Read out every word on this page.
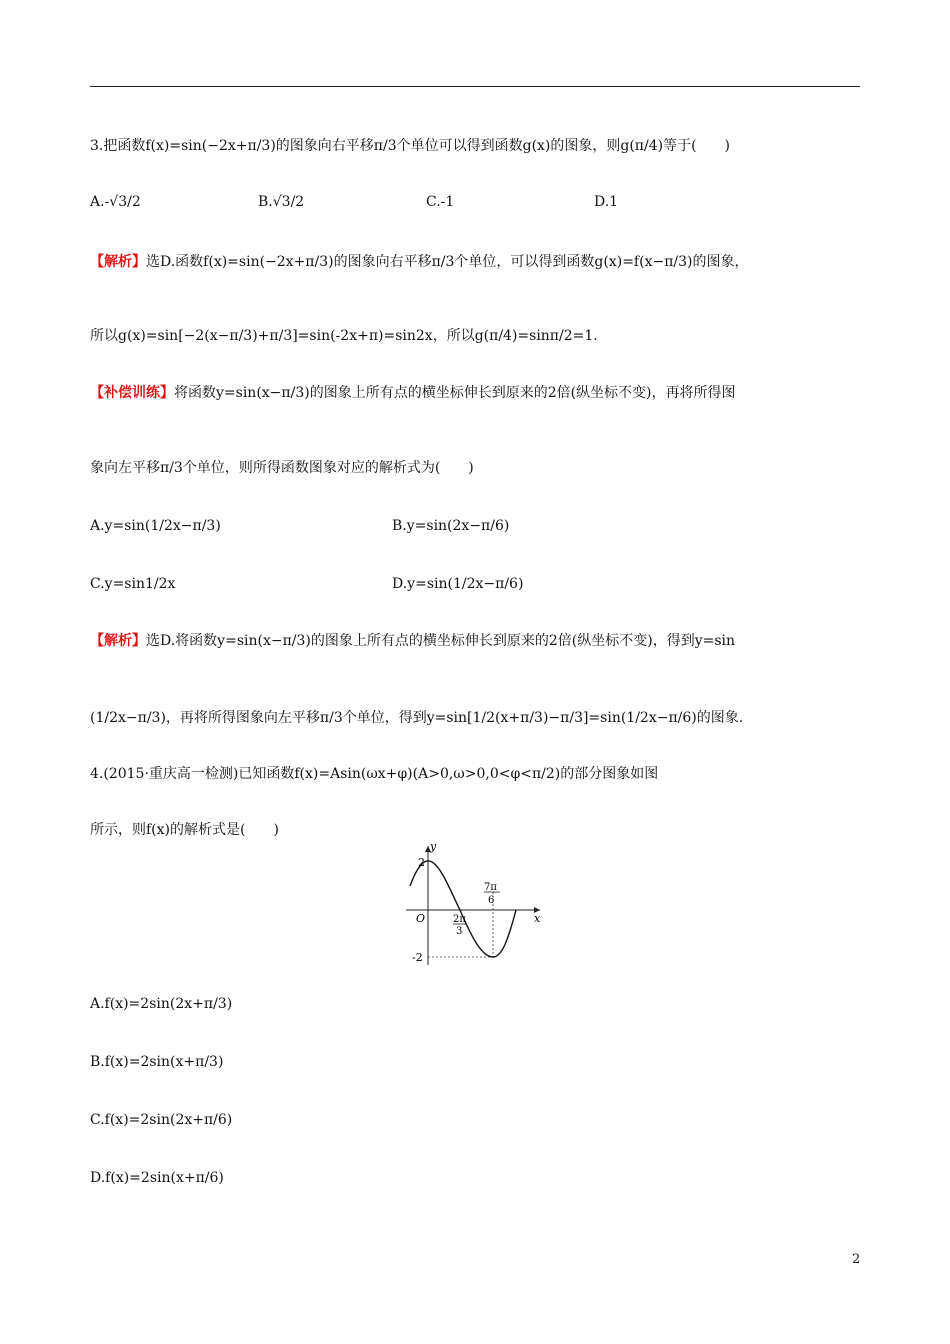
3.把函数f(x)=sin(−2x+π/3)的图象向右平移π/3个单位可以得到函数g(x)的图象，则g(π/4)等于(　　)
A.-√3/2	B.√3/2	C.-1	D.1
【解析】选D.函数f(x)=sin(−2x+π/3)的图象向右平移π/3个单位，可以得到函数g(x)=f(x−π/3)的图象，
所以g(x)=sin[−2(x−π/3)+π/3]=sin(-2x+π)=sin2x，所以g(π/4)=sinπ/2=1.
【补偿训练】将函数y=sin(x−π/3)的图象上所有点的横坐标伸长到原来的2倍(纵坐标不变)，再将所得图
象向左平移π/3个单位，则所得函数图象对应的解析式为(　　)
A.y=sin(1/2x−π/3)	B.y=sin(2x−π/6)
C.y=sin1/2x	D.y=sin(1/2x−π/6)
【解析】选D.将函数y=sin(x−π/3)的图象上所有点的横坐标伸长到原来的2倍(纵坐标不变)，得到y=sin
(1/2x−π/3)，再将所得图象向左平移π/3个单位，得到y=sin[1/2(x+π/3)−π/3]=sin(1/2x−π/6)的图象.
4.(2015·重庆高一检测)已知函数f(x)=Asin(ωx+φ)(A>0,ω>0,0<φ<π/2)的部分图象如图
所示，则f(x)的解析式是(　　)
y
x
O
2
-2
2π
3
7π
6
A.f(x)=2sin(2x+π/3)
B.f(x)=2sin(x+π/3)
C.f(x)=2sin(2x+π/6)
D.f(x)=2sin(x+π/6)
2
